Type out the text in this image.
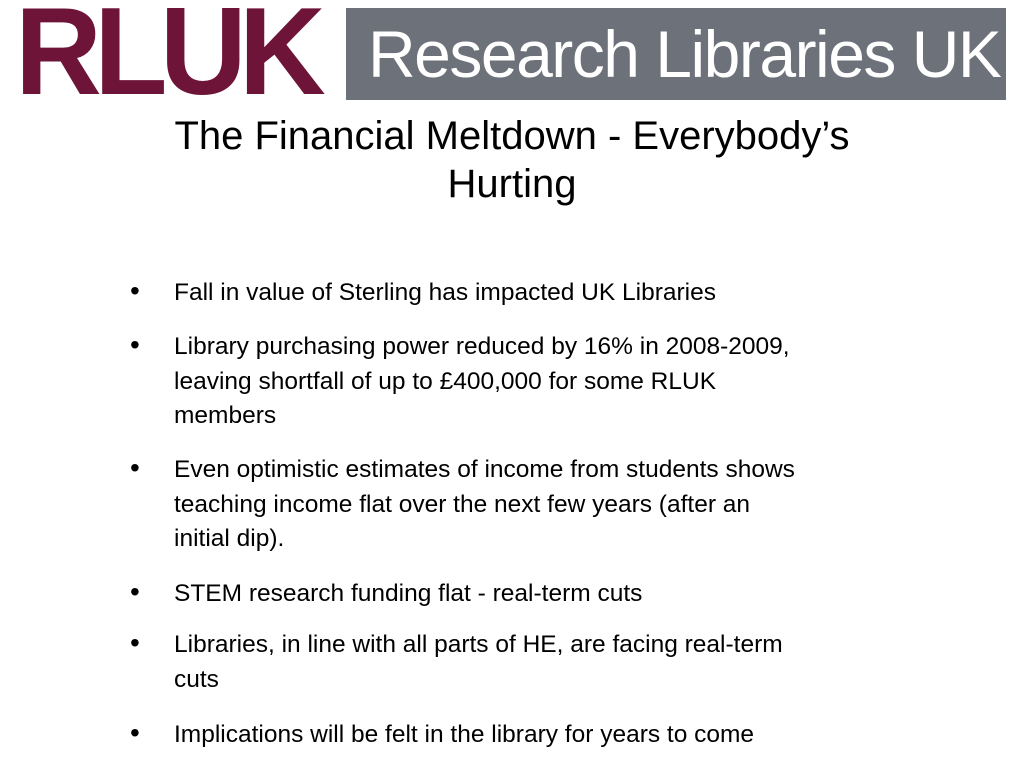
RLUK Research Libraries UK
The Financial Meltdown - Everybody’s
Hurting
• Fall in value of Sterling has impacted UK Libraries
• Library purchasing power reduced by 16% in 2008-2009,
leaving shortfall of up to £400,000 for some RLUK
members
• Even optimistic estimates of income from students shows
teaching income flat over the next few years (after an
initial dip).
• STEM research funding flat - real-term cuts
• Libraries, in line with all parts of HE, are facing real-term
cuts
• Implications will be felt in the library for years to come
